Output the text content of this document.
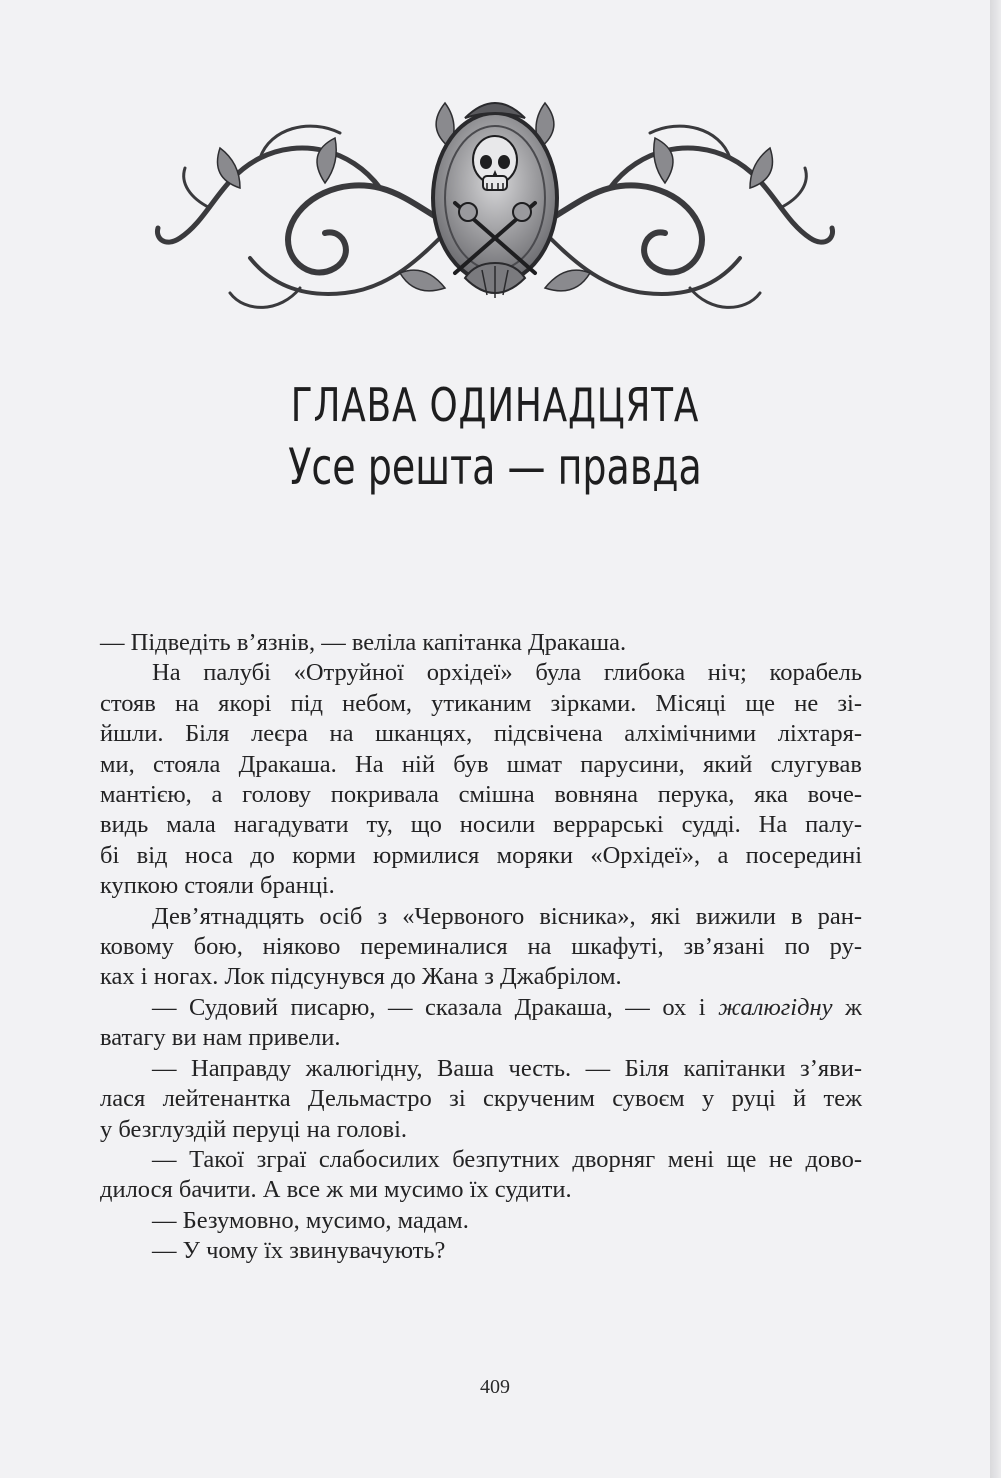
ГЛАВА ОДИНАДЦЯТА
Усе решта — правда

— Підведіть в’язнів, — веліла капітанка Дракаша.

На палубі «Отруйної орхідеї» була глибока ніч; корабель

стояв на якорі під небом, утиканим зірками. Місяці ще не зі-

йшли. Біля леєра на шканцях, підсвічена алхімічними ліхтаря-

ми, стояла Дракаша. На ній був шмат парусини, який слугував

мантією, а голову покривала смішна вовняна перука, яка воче-

видь мала нагадувати ту, що носили веррарські судді. На палу-

бі від носа до корми юрмилися моряки «Орхідеї», а посередині

купкою стояли бранці.

Дев’ятнадцять осіб з «Червоного вісника», які вижили в ран-

ковому бою, ніяково переминалися на шкафуті, зв’язані по ру-

ках і ногах. Лок підсунувся до Жана з Джабрілом.

— Судовий писарю, — сказала Дракаша, — ох і жалюгідну ж

ватагу ви нам привели.

— Направду жалюгідну, Ваша честь. — Біля капітанки з’яви-

лася лейтенантка Дельмастро зі скрученим сувоєм у руці й теж

у безглуздій перуці на голові.

— Такої зграї слабосилих безпутних дворняг мені ще не дово-

дилося бачити. А все ж ми мусимо їх судити.

— Безумовно, мусимо, мадам.

— У чому їх звинувачують?

409
